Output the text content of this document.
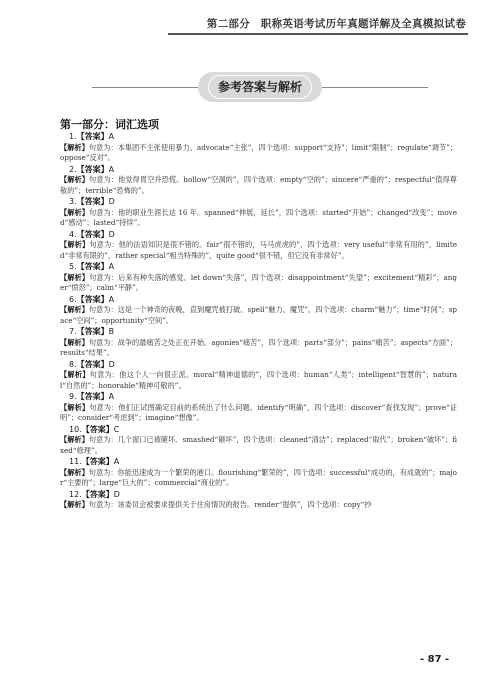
第二部分　职称英语考试历年真题详解及全真模拟试卷
参考答案与解析
第一部分：词汇选项
1.【答案】A
【解析】句意为：本集团不主张使用暴力。advocate“主张”，四个选项：support“支持”；limit“限制”；regulate“调节”；oppose“反对”。
2.【答案】A
【解析】句意为：他觉得胃空并恐慌。hollow“空洞的”，四个选项：empty“空的”；sincere“严重的”；respectful“值得尊敬的”；terrible“恐怖的”。
3.【答案】D
【解析】句意为：他的职业生涯长达 16 年。spanned“伸展，延长”，四个选项：started“开始”；changed“改变”；moved“感动”；lasted“持续”。
4.【答案】D
【解析】句意为：他的法语知识是很不错的。fair“很不错的，马马虎虎的”，四个选项：very useful“非常有用的”，limited“非常有限的”，rather special“相当特殊的”，quite good“很不错，但它没有非常好”。
5.【答案】A
【解析】句意为：后来有种失落的感觉。let down“失落”，四个选项：disappointment“失望”；excitement“精彩”；anger“愤怒”；calm“平静”。
6.【答案】A
【解析】句意为：这是一个神奇的夜晚，直到魔咒被打破。spell“魅力，魔咒”，四个选项：charm“魅力”；time“时间”；space“空间”；opportunity“空间”。
7.【答案】B
【解析】句意为：战争的最痛苦之处正在开始。agonies“痛苦”，四个选项：parts“部分”；pains“痛苦”；aspects“方面”；results“结果”。
8.【答案】D
【解析】句意为：他这个人一向很正派。moral“精神道德的”，四个选项：human“人类”；intelligent“智慧的”；natural“自然的”；honorable“精神可敬的”。
9.【答案】A
【解析】句意为：他们正试图确定目前的系统出了什么问题。identify“明确”，四个选项：discover“查找发现”；prove“证明”；consider“考虑到”；imagine“想像”。
10.【答案】C
【解析】句意为：几个窗口已被砸坏。smashed“砸坏”，四个选项：cleaned“清洁”；replaced“取代”；broken“破坏”；fixed“修理”。
11.【答案】A
【解析】句意为：你能迅速成为一个繁荣的港口。flourishing“繁荣的”，四个选项：successful“成功的，有成就的”；major“主要的”；large“巨大的”；commercial“商业的”。
12.【答案】D
【解析】句意为：该委员会被要求提供关于住房情况的报告。render“提供”，四个选项：copy“抄
- 87 -
